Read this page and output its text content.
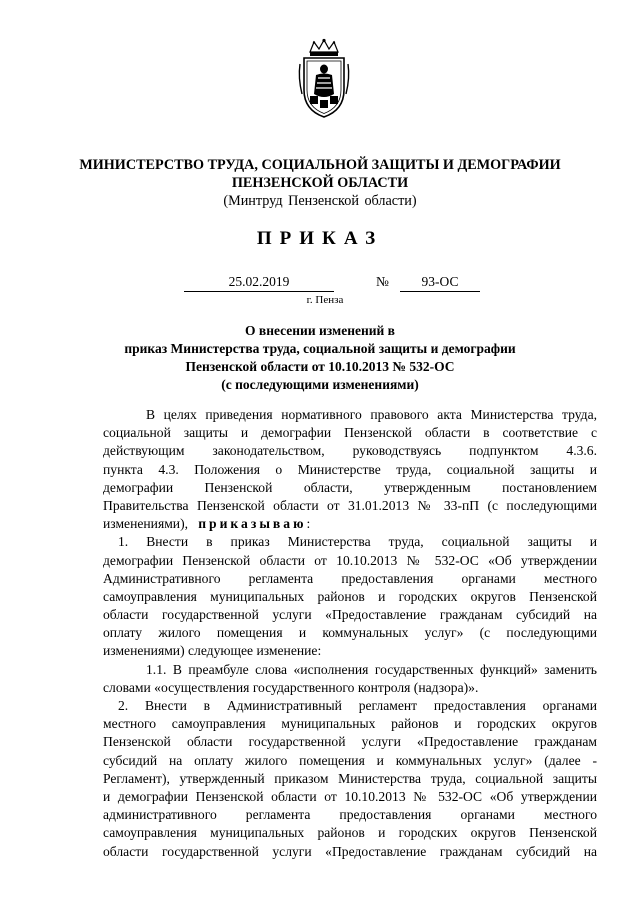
МИНИСТЕРСТВО ТРУДА, СОЦИАЛЬНОЙ ЗАЩИТЫ И ДЕМОГРАФИИ
ПЕНЗЕНСКОЙ ОБЛАСТИ
(Минтруд Пензенской области)
ПРИКАЗ
25.02.2019	№	93-ОС
г. Пенза
О внесении изменений в
приказ Министерства труда, социальной защиты и демографии
Пензенской области от 10.10.2013 № 532-ОС
(с последующими изменениями)
В целях приведения нормативного правового акта Министерства труда,
социальной защиты и демографии Пензенской области в соответствие с
действующим законодательством, руководствуясь подпунктом 4.3.6.
пункта 4.3. Положения о Министерстве труда, социальной защиты и
демографии Пензенской области, утвержденным постановлением
Правительства Пензенской области от 31.01.2013 № 33-пП (с последующими
изменениями),   приказываю:
1. Внести в приказ Министерства труда, социальной защиты и
демографии Пензенской области от 10.10.2013 № 532-ОС «Об утверждении
Административного регламента предоставления органами местного
самоуправления муниципальных районов и городских округов Пензенской
области государственной услуги «Предоставление гражданам субсидий на
оплату жилого помещения и коммунальных услуг» (с последующими
изменениями) следующее изменение:
1.1. В преамбуле слова «исполнения государственных функций» заменить
словами «осуществления государственного контроля (надзора)».
2. Внести в Административный регламент предоставления органами
местного самоуправления муниципальных районов и городских округов
Пензенской области государственной услуги «Предоставление гражданам
субсидий на оплату жилого помещения и коммунальных услуг» (далее -
Регламент), утвержденный приказом Министерства труда, социальной защиты
и демографии Пензенской области от 10.10.2013 № 532-ОС «Об утверждении
административного регламента предоставления органами местного
самоуправления муниципальных районов и городских округов Пензенской
области государственной услуги «Предоставление гражданам субсидий на
